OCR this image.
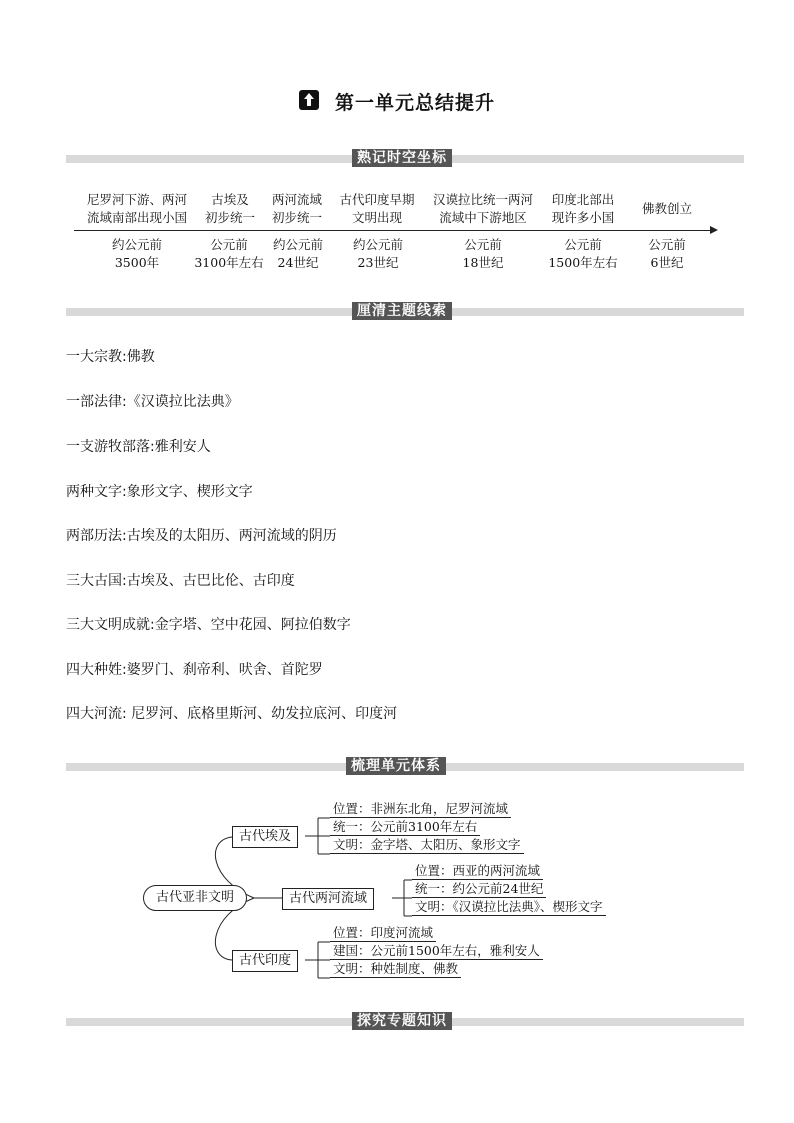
第一单元总结提升
熟记时空坐标
尼罗河下游、两河
流域南部出现小国
古埃及
初步统一
两河流域
初步统一
古代印度早期
文明出现
汉谟拉比统一两河
流域中下游地区
印度北部出
现许多小国
佛教创立
约公元前
3500年
公元前
3100年左右
约公元前
24世纪
约公元前
23世纪
公元前
18世纪
公元前
1500年左右
公元前
6世纪
厘清主题线索
一大宗教:佛教
一部法律:《汉谟拉比法典》
一支游牧部落:雅利安人
两种文字:象形文字、楔形文字
两部历法:古埃及的太阳历、两河流域的阴历
三大古国:古埃及、古巴比伦、古印度
三大文明成就:金字塔、空中花园、阿拉伯数字
四大种姓:婆罗门、刹帝利、吠舍、首陀罗
四大河流: 尼罗河、底格里斯河、幼发拉底河、印度河
梳理单元体系
古代亚非文明
古代埃及
古代两河流域
古代印度
位置：非洲东北角，尼罗河流域
统一：公元前3100年左右
文明：金字塔、太阳历、象形文字
位置：西亚的两河流域
统一：约公元前24世纪
文明：《汉谟拉比法典》、楔形文字
位置：印度河流域
建国：公元前1500年左右，雅利安人
文明：种姓制度、佛教
探究专题知识
